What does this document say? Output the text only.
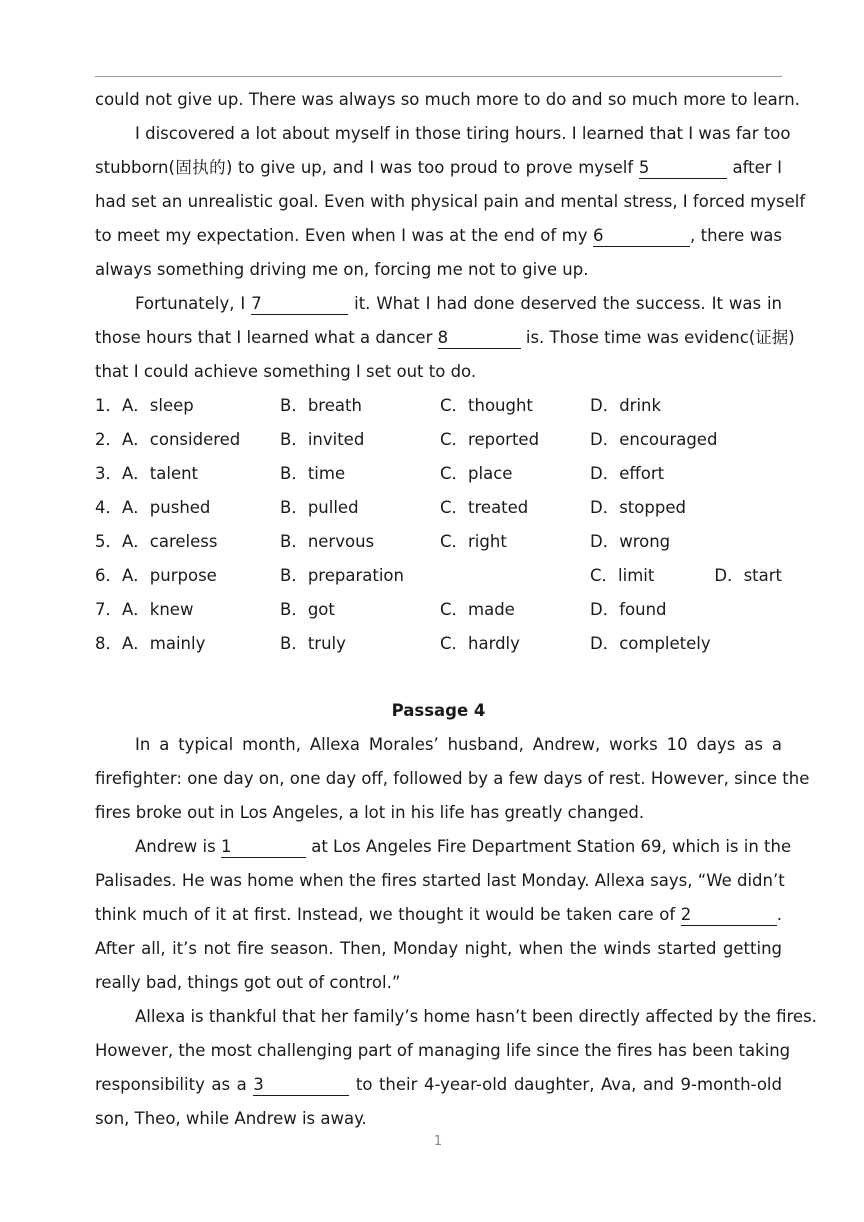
could not give up. There was always so much more to do and so much more to learn.
I discovered a lot about myself in those tiring hours. I learned that I was far too
stubborn(固执的) to give up, and I was too proud to prove myself 5	after I
had set an unrealistic goal. Even with physical pain and mental stress, I forced myself
to meet my expectation. Even when I was at the end of my 6	, there was
always something driving me on, forcing me not to give up.
Fortunately, I 7	it. What I had done deserved the success. It was in
those hours that I learned what a dancer 8	is. Those time was evidenc(证据)
that I could achieve something I set out to do.
1．A．sleep	B．breath	C．thought	D．drink
2．A．considered B．invited	C．reported	D．encouraged
3．A．talent	B．time	C．place	D．effort
4．A．pushed	B．pulled	C．treated	D．stopped
5．A．careless	B．nervous	C．right	D．wrong
6．A．purpose	B．preparation	C．limit	D．start
7．A．knew	B．got	C．made	D．found
8．A．mainly	B．truly	C．hardly	D．completely
Passage 4
In a typical month, Allexa Morales’ husband, Andrew, works 10 days as a
firefighter: one day on, one day off, followed by a few days of rest. However, since the
fires broke out in Los Angeles, a lot in his life has greatly changed.
Andrew is 1	at Los Angeles Fire Department Station 69, which is in the
Palisades. He was home when the fires started last Monday. Allexa says, “We didn’t
think much of it at first. Instead, we thought it would be taken care of 2	.
After all, it’s not fire season. Then, Monday night, when the winds started getting
really bad, things got out of control.”
Allexa is thankful that her family’s home hasn’t been directly affected by the fires.
However, the most challenging part of managing life since the fires has been taking
responsibility as a 3	to their 4-year-old daughter, Ava, and 9-month-old
son, Theo, while Andrew is away.
1
